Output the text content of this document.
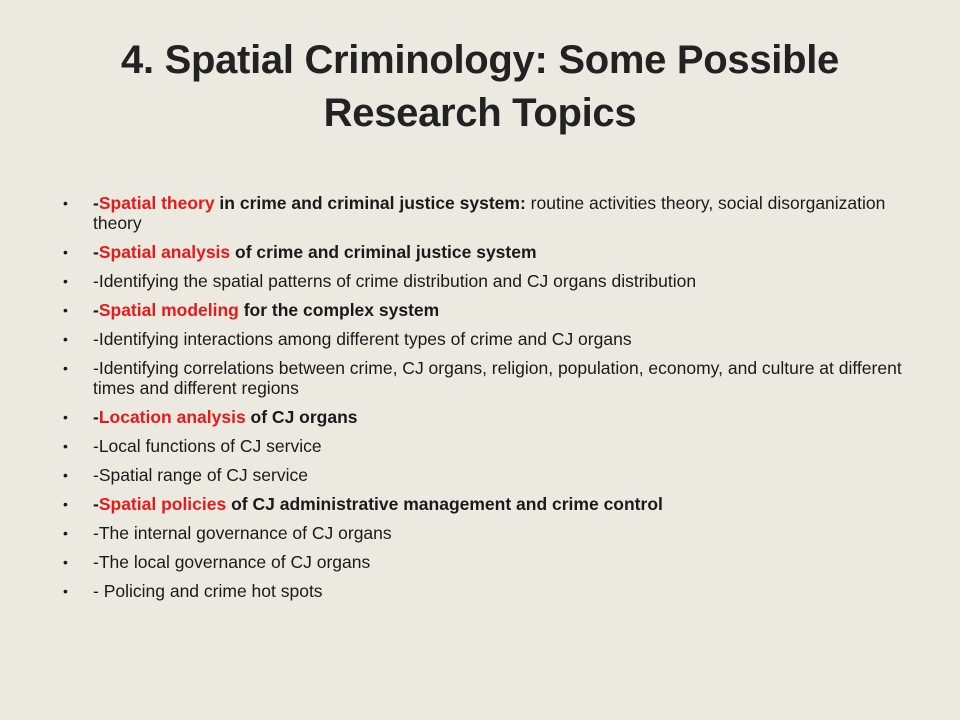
4. Spatial Criminology: Some Possible
Research Topics
• -Spatial theory in crime and criminal justice system: routine activities theory, social disorganization theory
• -Spatial analysis of crime and criminal justice system
• -Identifying the spatial patterns of crime distribution and CJ organs distribution
• -Spatial modeling for the complex system
• -Identifying interactions among different types of crime and CJ organs
• -Identifying correlations between crime, CJ organs, religion, population, economy, and culture at different times and different regions
• -Location analysis of CJ organs
• -Local functions of CJ service
• -Spatial range of CJ service
• -Spatial policies of CJ administrative management and crime control
• -The internal governance of CJ organs
• -The local governance of CJ organs
• - Policing and crime hot spots
